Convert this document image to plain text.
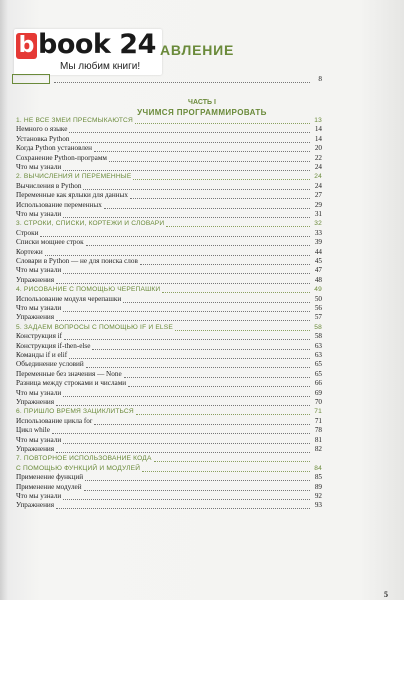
b book 24
Мы любим книги!
АВЛЕНИЕ
8
ЧАСТЬ I
УЧИМСЯ ПРОГРАММИРОВАТЬ
1. НЕ ВСЕ ЗМЕИ ПРЕСМЫКАЮТСЯ	13
Немного о языке	14
Установка Python	14
Когда Python установлен	20
Сохранение Python-программ	22
Что мы узнали	24
2. ВЫЧИСЛЕНИЯ И ПЕРЕМЕННЫЕ	24
Вычисления в Python	24
Переменные как ярлыки для данных	27
Использование переменных	29
Что мы узнали	31
3. СТРОКИ, СПИСКИ, КОРТЕЖИ И СЛОВАРИ	32
Строки	33
Списки мощнее строк	39
Кортежи	44
Словари в Python — не для поиска слов	45
Что мы узнали	47
Упражнения	48
4. РИСОВАНИЕ С ПОМОЩЬЮ ЧЕРЕПАШКИ	49
Использование модуля черепашки	50
Что мы узнали	56
Упражнения	57
5. ЗАДАЕМ ВОПРОСЫ С ПОМОЩЬЮ IF И ELSE	58
Конструкция if	58
Конструкция if-then-else	63
Команды if и elif	63
Объединение условий	65
Переменные без значения — None	65
Разница между строками и числами	66
Что мы узнали	69
Упражнения	70
6. ПРИШЛО ВРЕМЯ ЗАЦИКЛИТЬСЯ	71
Использование цикла for	71
Цикл while	78
Что мы узнали	81
Упражнения	82
7. ПОВТОРНОЕ ИСПОЛЬЗОВАНИЕ КОДА
С ПОМОЩЬЮ ФУНКЦИЙ И МОДУЛЕЙ	84
Применение функций	85
Применение модулей	89
Что мы узнали	92
Упражнения	93
5
